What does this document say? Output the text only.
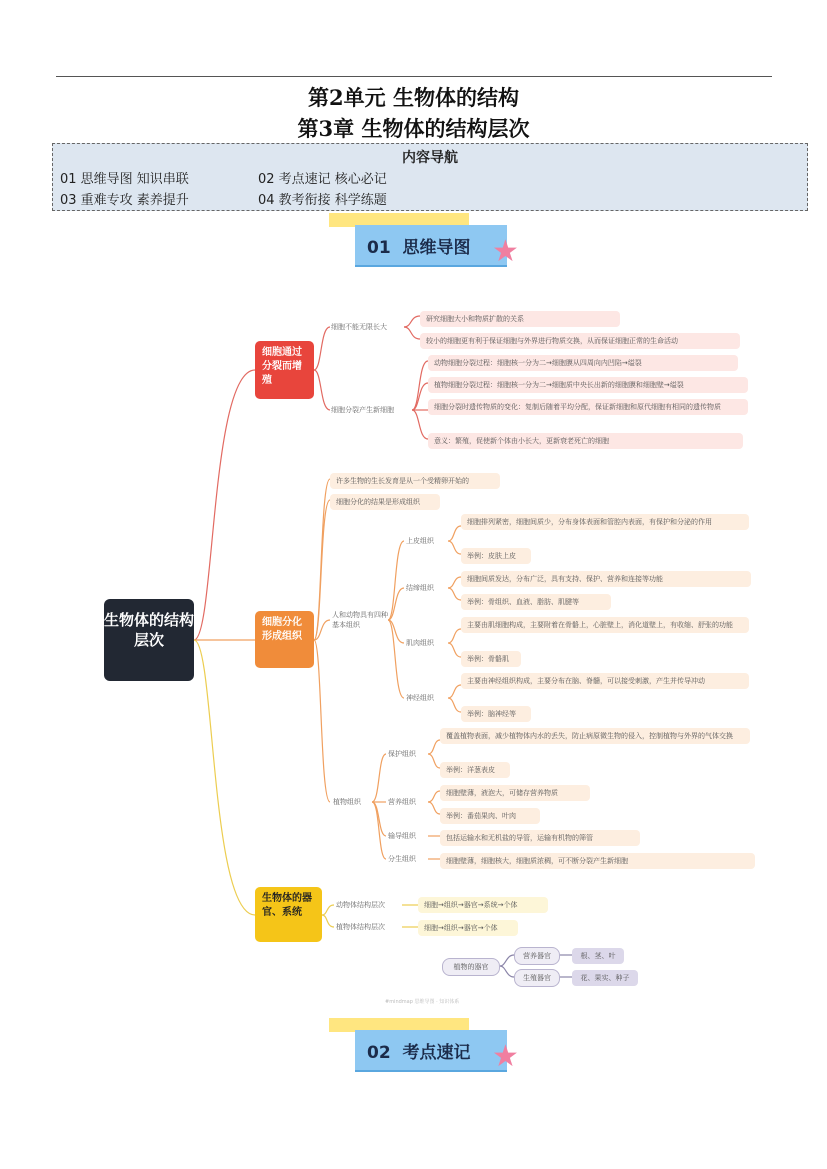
第2单元 生物体的结构
第3章 生物体的结构层次
内容导航
01 思维导图 知识串联	02 考点速记 核心必记
03 重难专攻 素养提升	04 教考衔接 科学练题
01  思维导图 ★
生物体的结构层次
细胞通过分裂而增殖
细胞不能无限长大
研究细胞大小和物质扩散的关系
较小的细胞更有利于保证细胞与外界进行物质交换，从而保证细胞正常的生命活动
细胞分裂产生新细胞
动物细胞分裂过程：细胞核一分为二→细胞膜从四周向内凹陷→缢裂
植物细胞分裂过程：细胞核一分为二→细胞质中央长出新的细胞膜和细胞壁→缢裂
细胞分裂时遗传物质的变化：复制后随着平均分配，保证新细胞和原代细胞有相同的遗传物质
意义：繁殖，促使新个体由小长大，更新衰老死亡的细胞
细胞分化形成组织
许多生物的生长发育是从一个受精卵开始的
细胞分化的结果是形成组织
人和动物具有四种基本组织
上皮组织
细胞排列紧密，细胞间质少，分布身体表面和管腔内表面，有保护和分泌的作用
举例：皮肤上皮
结缔组织
细胞间质发达，分布广泛，具有支持、保护、营养和连接等功能
举例：骨组织、血液、脂肪、肌腱等
肌肉组织
主要由肌细胞构成，主要附着在骨骼上，心脏壁上，消化道壁上，有收缩、舒张的功能
举例：骨骼肌
神经组织
主要由神经组织构成，主要分布在脑、脊髓，可以接受刺激，产生并传导冲动
举例：脑神经等
植物组织
保护组织
覆盖植物表面，减少植物体内水的丢失，防止病原微生物的侵入，控制植物与外界的气体交换
举例：洋葱表皮
营养组织
细胞壁薄，液泡大，可储存营养物质
举例：番茄果肉、叶肉
输导组织	包括运输水和无机盐的导管，运输有机物的筛管
分生组织	细胞壁薄，细胞核大，细胞质浓稠，可不断分裂产生新细胞
生物体的器官、系统
动物体结构层次	细胞→组织→器官→系统→个体
植物体结构层次	细胞→组织→器官→个体
植物的器官
营养器官
生殖器官
根、茎、叶
花、果实、种子
#mindmap 思维导图 · 知识体系
02  考点速记 ★
